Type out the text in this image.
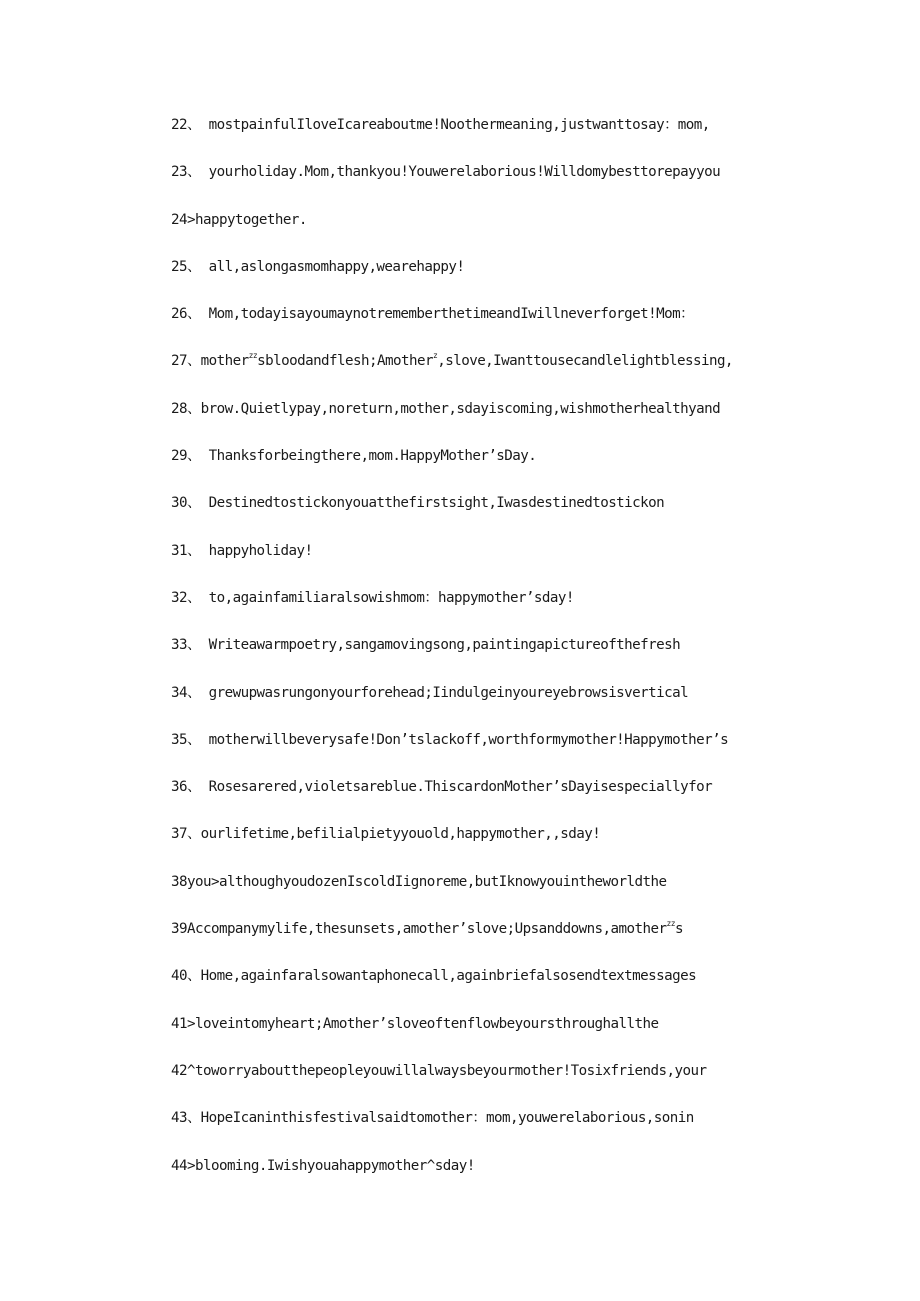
22、 mostpainfulIloveIcareaboutme!Noothermeaning,justwanttosay：mom,
23、 yourholiday.Mom,thankyou!Youwerelaborious!Willdomybesttorepayyou
24>happytogether.
25、 all,aslongasmomhappy,wearehappy!
26、 Mom,todayisayoumaynotrememberthetimeandIwillneverforget!Mom：
27、mother$^{zz}$sbloodandflesh;Amother$^z$,slove,Iwanttousecandlelightblessing,
28、brow.Quietlypay,noreturn,mother,sdayiscoming,wishmotherhealthyand
29、 Thanksforbeingthere,mom.HappyMother’sDay.
30、 Destinedtostickonyouatthefirstsight,Iwasdestinedtostickon
31、 happyholiday!
32、 to,againfamiliaralsowishmom：happymother’sday!
33、 Writeawarmpoetry,sangamovingsong,paintingapictureofthefresh
34、 grewupwasrungonyourforehead;Iindulgeinyoureyebrowsisvertical
35、 motherwillbeverysafe!Don’tslackoff,worthformymother!Happymother’s
36、 Rosesarered,violetsareblue.ThiscardonMother’sDayisespeciallyfor
37、ourlifetime,befilialpietyyouold,happymother,,sday!
38you>althoughyoudozenIscoldIignoreme,butIknowyouintheworldthe
39Accompanymylife,thesunsets,amother’slove;Upsanddowns,amother$^{zz}$s
40、Home,againfaralsowantaphonecall,againbriefalsosendtextmessages
41>loveintomyheart;Amother’sloveoftenflowbeyoursthroughallthe
42^toworryaboutthepeopleyouwillalwaysbeyourmother!Tosixfriends,your
43、HopeIcaninthisfestivalsaidtomother：mom,youwerelaborious,sonin
44>blooming.Iwishyouahappymother^sday!
